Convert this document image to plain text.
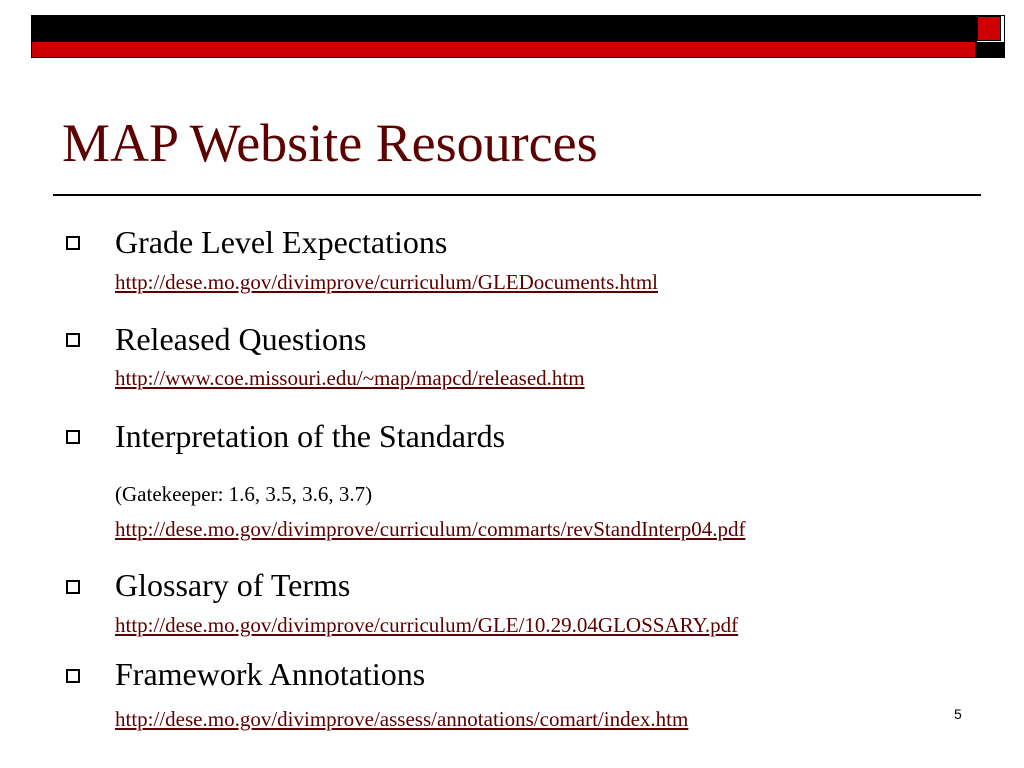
MAP Website Resources
Grade Level Expectations
http://dese.mo.gov/divimprove/curriculum/GLEDocuments.html
Released Questions
http://www.coe.missouri.edu/~map/mapcd/released.htm
Interpretation of the Standards
(Gatekeeper: 1.6, 3.5, 3.6, 3.7)
http://dese.mo.gov/divimprove/curriculum/commarts/revStandInterp04.pdf
Glossary of Terms
http://dese.mo.gov/divimprove/curriculum/GLE/10.29.04GLOSSARY.pdf
Framework Annotations
http://dese.mo.gov/divimprove/assess/annotations/comart/index.htm	5
